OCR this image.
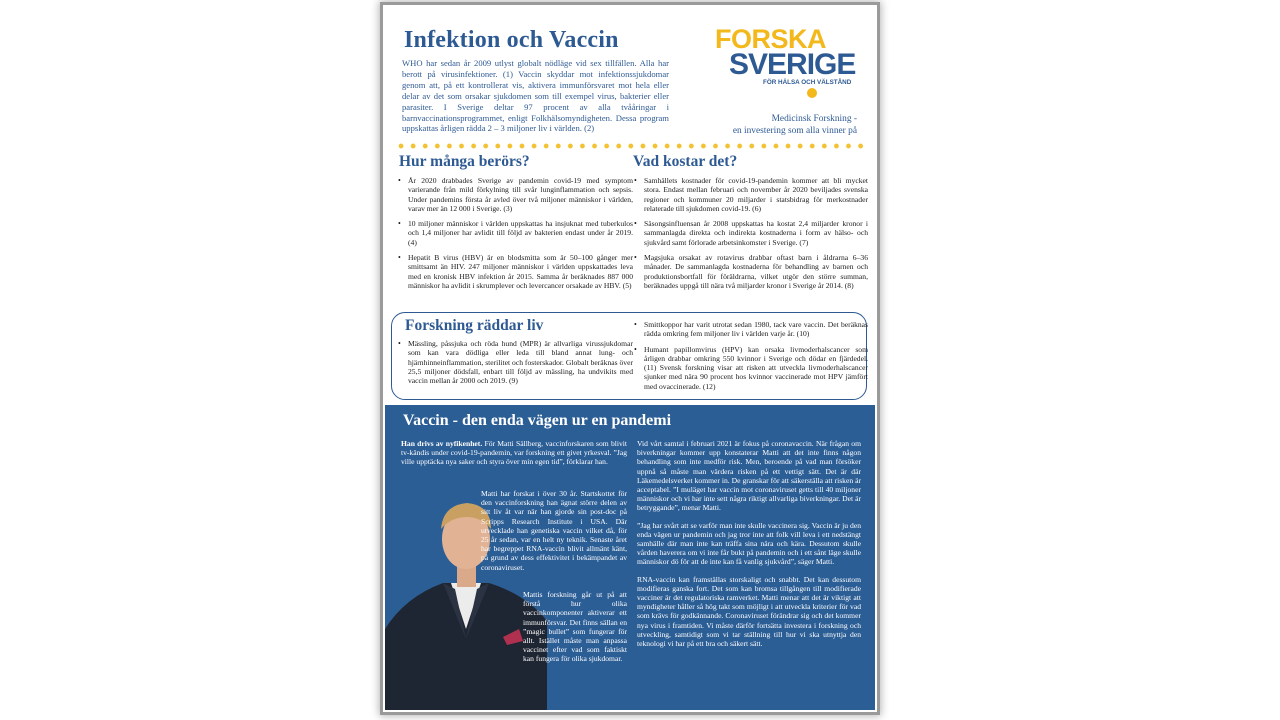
Infektion och Vaccin

WHO har sedan år 2009 utlyst globalt nödläge vid sex tillfällen. Alla har berott på virusinfektioner. (1) Vaccin skyddar mot infektionssjukdomar genom att, på ett kontrollerat vis, aktivera immunförsvaret mot hela eller delar av det som orsakar sjukdomen som till exempel virus, bakterier eller parasiter. I Sverige deltar 97 procent av alla tvååringar i barnvaccinationsprogrammet, enligt Folkhälsomyndigheten. Dessa program uppskattas årligen rädda 2 – 3 miljoner liv i världen. (2)

FORSKA
SVERIGE
FÖR HÄLSA OCH VÄLSTÅND
Medicinsk Forskning -
en investering som alla vinner på
Hur många berörs?
• År 2020 drabbades Sverige av pandemin covid-19 med symptom varierande från mild förkylning till svår lunginflammation och sepsis. Under pandemins första år avled över två miljoner människor i världen, varav mer än 12 000 i Sverige. (3)
• 10 miljoner människor i världen uppskattas ha insjuknat med tuberkulos och 1,4 miljoner har avlidit till följd av bakterien endast under år 2019. (4)
• Hepatit B virus (HBV) är en blodsmitta som är 50–100 gånger mer smittsamt än HIV. 247 miljoner människor i världen uppskattades leva med en kronisk HBV infektion år 2015. Samma år beräknades 887 000 människor ha avlidit i skrumplever och levercancer orsakade av HBV. (5)
Vad kostar det?
• Samhällets kostnader för covid-19-pandemin kommer att bli mycket stora. Endast mellan februari och november år 2020 beviljades svenska regioner och kommuner 20 miljarder i statsbidrag för merkostnader relaterade till sjukdomen covid-19. (6)
• Säsongsinfluensan år 2008 uppskattas ha kostat 2,4 miljarder kronor i sammanlagda direkta och indirekta kostnaderna i form av hälso- och sjukvård samt förlorade arbetsinkomster i Sverige. (7)
• Magsjuka orsakat av rotavirus drabbar oftast barn i åldrarna 6–36 månader. De sammanlagda kostnaderna för behandling av barnen och produktionsbortfall för föräldrarna, vilket utgör den större summan, beräknades uppgå till nära två miljarder kronor i Sverige år 2014. (8)
Forskning räddar liv
• Mässling, påssjuka och röda hund (MPR) är allvarliga virussjukdomar som kan vara dödliga eller leda till bland annat lung- och hjärnhinneinflammation, sterilitet och fosterskador. Globalt beräknas över 25,5 miljoner dödsfall, enbart till följd av mässling, ha undvikits med vaccin mellan år 2000 och 2019. (9)
• Smittkoppor har varit utrotat sedan 1980, tack vare vaccin. Det beräknas rädda omkring fem miljoner liv i världen varje år. (10)
• Humant papillomvirus (HPV) kan orsaka livmoderhalscancer som årligen drabbar omkring 550 kvinnor i Sverige och dödar en fjärdedel. (11) Svensk forskning visar att risken att utveckla livmoderhalscancer sjunker med nära 90 procent hos kvinnor vaccinerade mot HPV jämfört med ovaccinerade. (12)
Vaccin - den enda vägen ur en pandemi

Han drivs av nyfikenhet. För Matti Sällberg, vaccinforskaren som blivit tv-kändis under covid-19-pandemin, var forskning ett givet yrkesval. ”Jag ville upptäcka nya saker och styra över min egen tid”, förklarar han.

Matti har forskat i över 30 år. Startskottet för den vaccinforskning han ägnat större delen av sitt liv åt var när han gjorde sin post-doc på Scripps Research Institute i USA. Där utvecklade han genetiska vaccin vilket då, för 25 år sedan, var en helt ny teknik. Senaste året har begreppet RNA-vaccin blivit allmänt känt, på grund av dess effektivitet i bekämpandet av coronaviruset.
Mattis forskning går ut på att förstå hur olika vaccinkomponenter aktiverar ett immunförsvar. Det finns sällan en ”magic bullet” som fungerar för allt. Istället måste man anpassa vaccinet efter vad som faktiskt kan fungera för olika sjukdomar.

Vid vårt samtal i februari 2021 är fokus på coronavaccin. När frågan om biverkningar kommer upp konstaterar Matti att det inte finns någon behandling som inte medför risk. Men, beroende på vad man försöker uppnå så måste man värdera risken på ett vettigt sätt. Det är där Läkemedelsverket kommer in. De granskar för att säkerställa att risken är acceptabel. ”I muläget har vaccin mot coronaviruset getts till 40 miljoner människor och vi har inte sett några riktigt allvarliga biverkningar. Det är betryggande”, menar Matti.

”Jag har svårt att se varför man inte skulle vaccinera sig. Vaccin är ju den enda vägen ur pandemin och jag tror inte att folk vill leva i ett nedstängt samhälle där man inte kan träffa sina nära och kära. Dessutom skulle vården haverera om vi inte får bukt på pandemin och i ett sånt läge skulle människor dö för att de inte kan få vanlig sjukvård”, säger Matti.

RNA-vaccin kan framställas storskaligt och snabbt. Det kan dessutom modifieras ganska fort. Det som kan bromsa tillgången till modifierade vacciner är det regulatoriska ramverket. Matti menar att det är viktigt att myndigheter håller så hög takt som möjligt i att utveckla kriterier för vad som krävs för godkännande. Coronaviruset förändrar sig och det kommer nya virus i framtiden. Vi måste därför fortsätta investera i forskning och utveckling, samtidigt som vi tar ställning till hur vi ska utnyttja den teknologi vi har på ett bra och säkert sätt.
